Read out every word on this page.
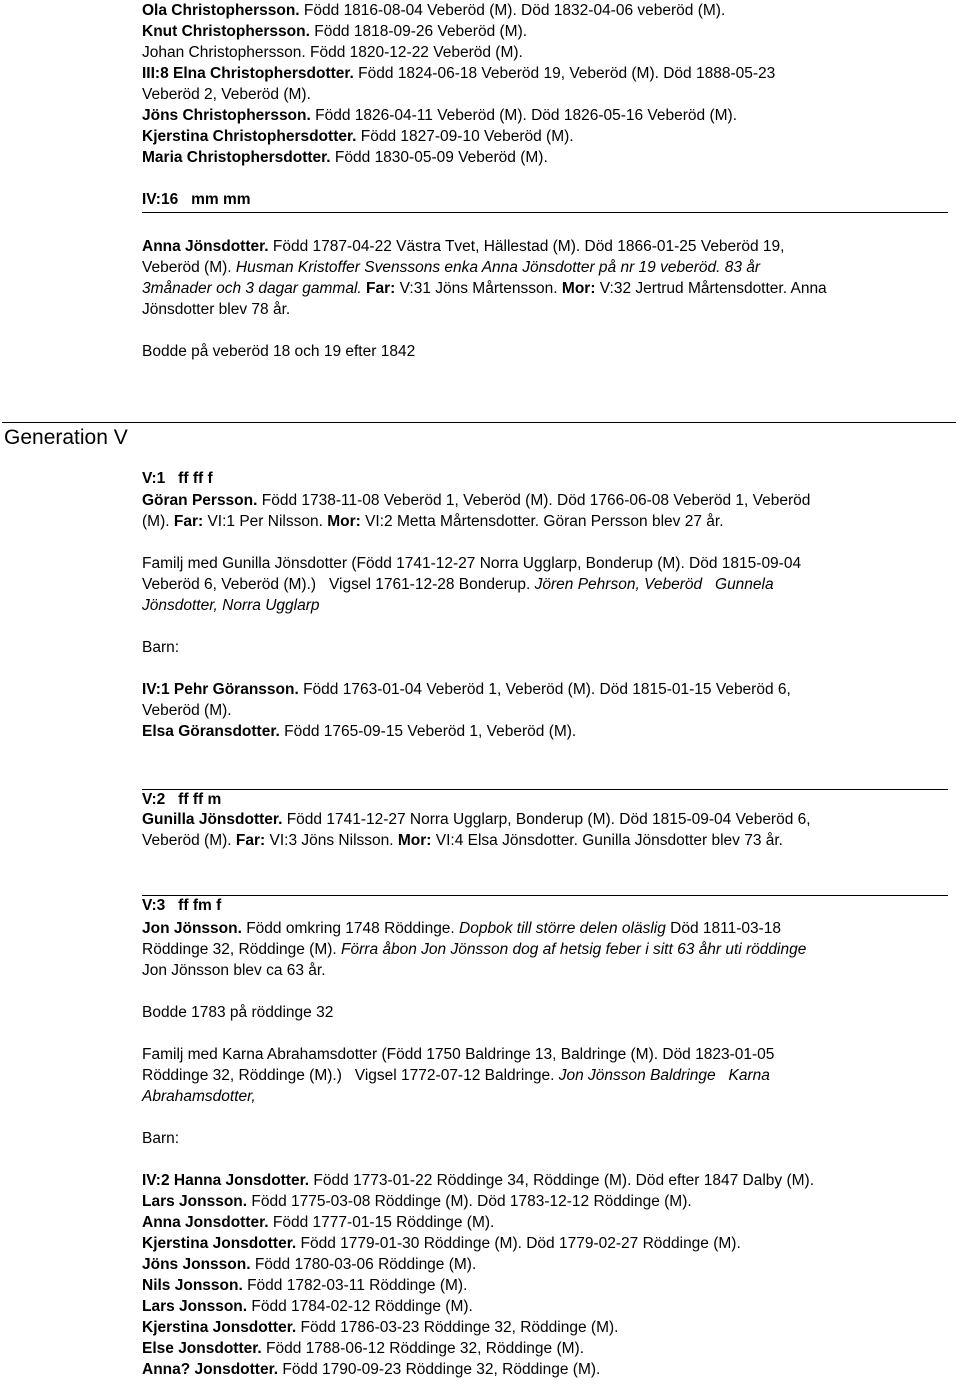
Ola Christophersson. Född 1816-08-04 Veberöd (M). Död 1832-04-06 veberöd (M).

Knut Christophersson. Född 1818-09-26 Veberöd (M).

Johan Christophersson. Född 1820-12-22 Veberöd (M).

III:8 Elna Christophersdotter. Född 1824-06-18 Veberöd 19, Veberöd (M). Död 1888-05-23

Veberöd 2, Veberöd (M).

Jöns Christophersson. Född 1826-04-11 Veberöd (M). Död 1826-05-16 Veberöd (M).

Kjerstina Christophersdotter. Född 1827-09-10 Veberöd (M).

Maria Christophersdotter. Född 1830-05-09 Veberöd (M).

IV:16   mm mm

Anna Jönsdotter. Född 1787-04-22 Västra Tvet, Hällestad (M). Död 1866-01-25 Veberöd 19,

Veberöd (M). Husman Kristoffer Svenssons enka Anna Jönsdotter på nr 19 veberöd. 83 år

3månader och 3 dagar gammal. Far: V:31 Jöns Mårtensson. Mor: V:32 Jertrud Mårtensdotter. Anna

Jönsdotter blev 78 år.

Bodde på veberöd 18 och 19 efter 1842

Generation V
V:1   ff ff f

Göran Persson. Född 1738-11-08 Veberöd 1, Veberöd (M). Död 1766-06-08 Veberöd 1, Veberöd

(M). Far: VI:1 Per Nilsson. Mor: VI:2 Metta Mårtensdotter. Göran Persson blev 27 år.

Familj med Gunilla Jönsdotter (Född 1741-12-27 Norra Ugglarp, Bonderup (M). Död 1815-09-04

Veberöd 6, Veberöd (M).)   Vigsel 1761-12-28 Bonderup. Jören Pehrson, Veberöd   Gunnela

Jönsdotter, Norra Ugglarp

Barn:

IV:1 Pehr Göransson. Född 1763-01-04 Veberöd 1, Veberöd (M). Död 1815-01-15 Veberöd 6,

Veberöd (M).

Elsa Göransdotter. Född 1765-09-15 Veberöd 1, Veberöd (M).

V:2   ff ff m

Gunilla Jönsdotter. Född 1741-12-27 Norra Ugglarp, Bonderup (M). Död 1815-09-04 Veberöd 6,

Veberöd (M). Far: VI:3 Jöns Nilsson. Mor: VI:4 Elsa Jönsdotter. Gunilla Jönsdotter blev 73 år.

V:3   ff fm f

Jon Jönsson. Född omkring 1748 Röddinge. Dopbok till större delen oläslig Död 1811-03-18

Röddinge 32, Röddinge (M). Förra åbon Jon Jönsson dog af hetsig feber i sitt 63 åhr uti röddinge

Jon Jönsson blev ca 63 år.

Bodde 1783 på röddinge 32

Familj med Karna Abrahamsdotter (Född 1750 Baldringe 13, Baldringe (M). Död 1823-01-05

Röddinge 32, Röddinge (M).)   Vigsel 1772-07-12 Baldringe. Jon Jönsson Baldringe   Karna

Abrahamsdotter,

Barn:

IV:2 Hanna Jonsdotter. Född 1773-01-22 Röddinge 34, Röddinge (M). Död efter 1847 Dalby (M).

Lars Jonsson. Född 1775-03-08 Röddinge (M). Död 1783-12-12 Röddinge (M).

Anna Jonsdotter. Född 1777-01-15 Röddinge (M).

Kjerstina Jonsdotter. Född 1779-01-30 Röddinge (M). Död 1779-02-27 Röddinge (M).

Jöns Jonsson. Född 1780-03-06 Röddinge (M).

Nils Jonsson. Född 1782-03-11 Röddinge (M).

Lars Jonsson. Född 1784-02-12 Röddinge (M).

Kjerstina Jonsdotter. Född 1786-03-23 Röddinge 32, Röddinge (M).

Else Jonsdotter. Född 1788-06-12 Röddinge 32, Röddinge (M).

Anna? Jonsdotter. Född 1790-09-23 Röddinge 32, Röddinge (M).
